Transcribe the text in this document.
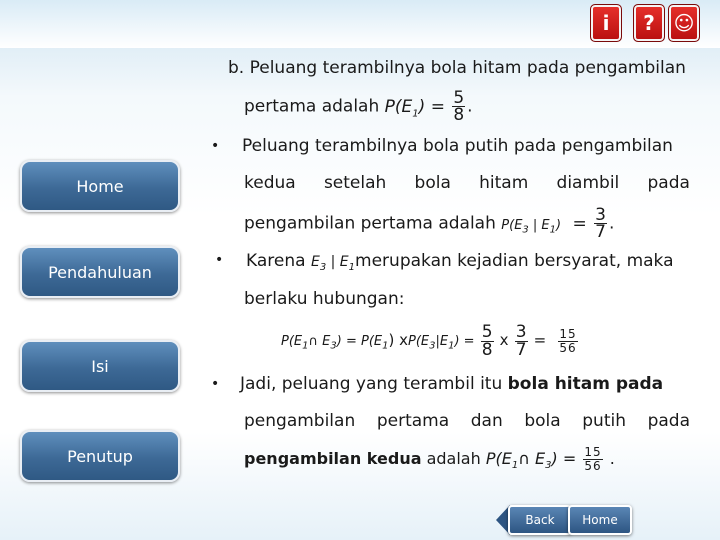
i ? ☺
Home
Pendahuluan
Isi
Penutup
b. Peluang terambilnya bola hitam pada pengambilan
pertama adalah $P(E_1) = \frac{5}{8}$ .
• Peluang terambilnya bola putih pada pengambilan
kedua setelah bola hitam diambil pada
pengambilan pertama adalah $P(E_3$ | $E_1) = \frac{3}{7}$ .
• Karena $E_3$ | $E_1merupakan$ kejadian bersyarat, maka
berlaku hubungan:
$P(E_1\cap$ $E_3) = P(E_1)$ $xP(E_3|E_1) = \frac{5}{8}$ x $\frac{3}{7} = \frac{15}{56}$
• Jadi, peluang yang terambil itu bola hitam pada
pengambilan pertama dan bola putih pada
pengambilan kedua adalah $P(E_1\cap$ $E_3) = \frac{15}{56}$ .
Back Home
